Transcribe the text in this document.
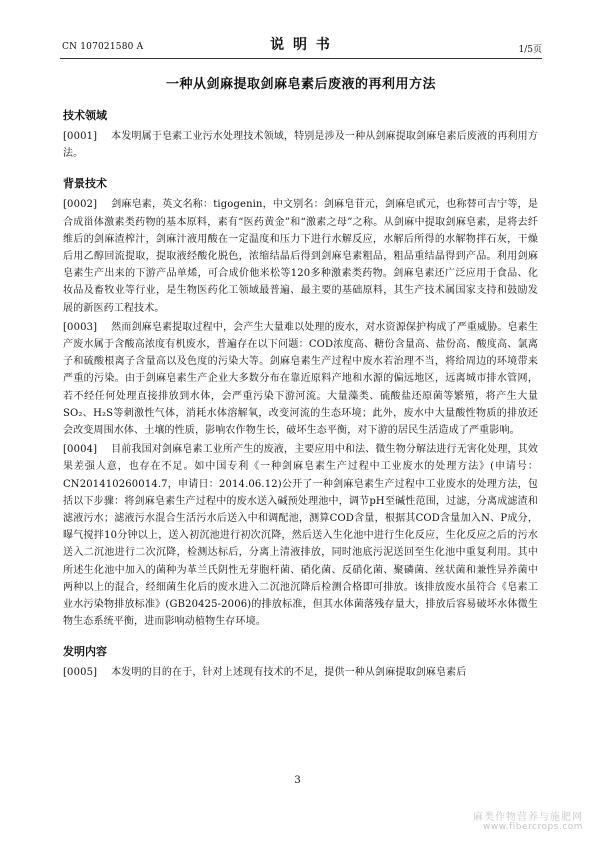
CN 107021580 A	说 明 书	1/5页
一种从剑麻提取剑麻皂素后废液的再利用方法
技术领域

[0001] 本发明属于皂素工业污水处理技术领域，特别是涉及一种从剑麻提取剑麻皂素后废液的再利用方法。

背景技术

[0002] 剑麻皂素，英文名称：tigogenin，中文别名：剑麻皂苷元，剑麻皂甙元，也称替可吉宁等，是合成甾体激素类药物的基本原料，素有“医药黄金”和“激素之母”之称。从剑麻中提取剑麻皂素，是将去纤维后的剑麻渣榨汁，剑麻汁液用酸在一定温度和压力下进行水解反应，水解后所得的水解物拌石灰，干燥后用乙醇回流提取，提取液经酸化脱色，浓缩结晶后得到剑麻皂素粗品，粗品重结晶得到产品。利用剑麻皂素生产出来的下游产品单烯，可合成价他米松等120多种激素类药物。剑麻皂素还广泛应用于食品、化妆品及畜牧业等行业，是生物医药化工领域最普遍、最主要的基础原料，其生产技术属国家支持和鼓励发展的新医药工程技术。

[0003] 然而剑麻皂素提取过程中，会产生大量难以处理的废水，对水资源保护构成了严重威胁。皂素生产废水属于含酸高浓度有机废水，普遍存在以下问题：COD浓度高、糖份含量高、盐份高、酸度高、氯离子和硫酸根离子含量高以及色度的污染大等。剑麻皂素生产过程中废水若治理不当，将给周边的环境带来严重的污染。由于剑麻皂素生产企业大多数分布在靠近原料产地和水源的偏远地区，远离城市排水管网，若不经任何处理直接排放到水体，会严重污染下游河流。大量藻类、硫酸盐还原菌等繁殖，将产生大量SO₂、H₂S等刺激性气体，消耗水体溶解氧，改变河流的生态环境；此外，废水中大量酸性物质的排放还会改变周围水体、土壤的性质，影响农作物生长，破坏生态平衡，对下游的居民生活造成了严重影响。

[0004] 目前我国对剑麻皂素工业所产生的废液，主要应用中和法、微生物分解法进行无害化处理，其效果差强人意，也存在不足。如中国专利《一种剑麻皂素生产过程中工业废水的处理方法》(申请号：CN201410260014.7，申请日：2014.06.12)公开了一种剑麻皂素生产过程中工业废水的处理方法，包括以下步骤：将剑麻皂素生产过程中的废水送入碱预处理池中，调节pH至碱性范围，过滤，分离成滤渣和滤液污水；滤液污水混合生活污水后送入中和调配池，测算COD含量，根据其COD含量加入N、P成分，曝气搅拌10分钟以上，送入初沉池进行初次沉降，然后送入生化池中进行生化反应，生化反应之后的污水送入二沉池进行二次沉降，检测达标后，分离上清液排放，同时池底污泥送回至生化池中重复利用。其中所述生化池中加入的菌种为革兰氏阴性无芽胞杆菌、硝化菌、反硝化菌、聚磷菌、丝状菌和兼性异养菌中两种以上的混合，经细菌生化后的废水进入二沉池沉降后检测合格即可排放。该排放废水虽符合《皂素工业水污染物排放标准》(GB20425-2006)的排放标准，但其水体菌落残存量大，排放后容易破坏水体微生物生态系统平衡，进而影响动植物生存环境。

发明内容

[0005] 本发明的目的在于，针对上述现有技术的不足，提供一种从剑麻提取剑麻皂素后

3
麻类作物营养与施肥网
www.fibercrops.com
